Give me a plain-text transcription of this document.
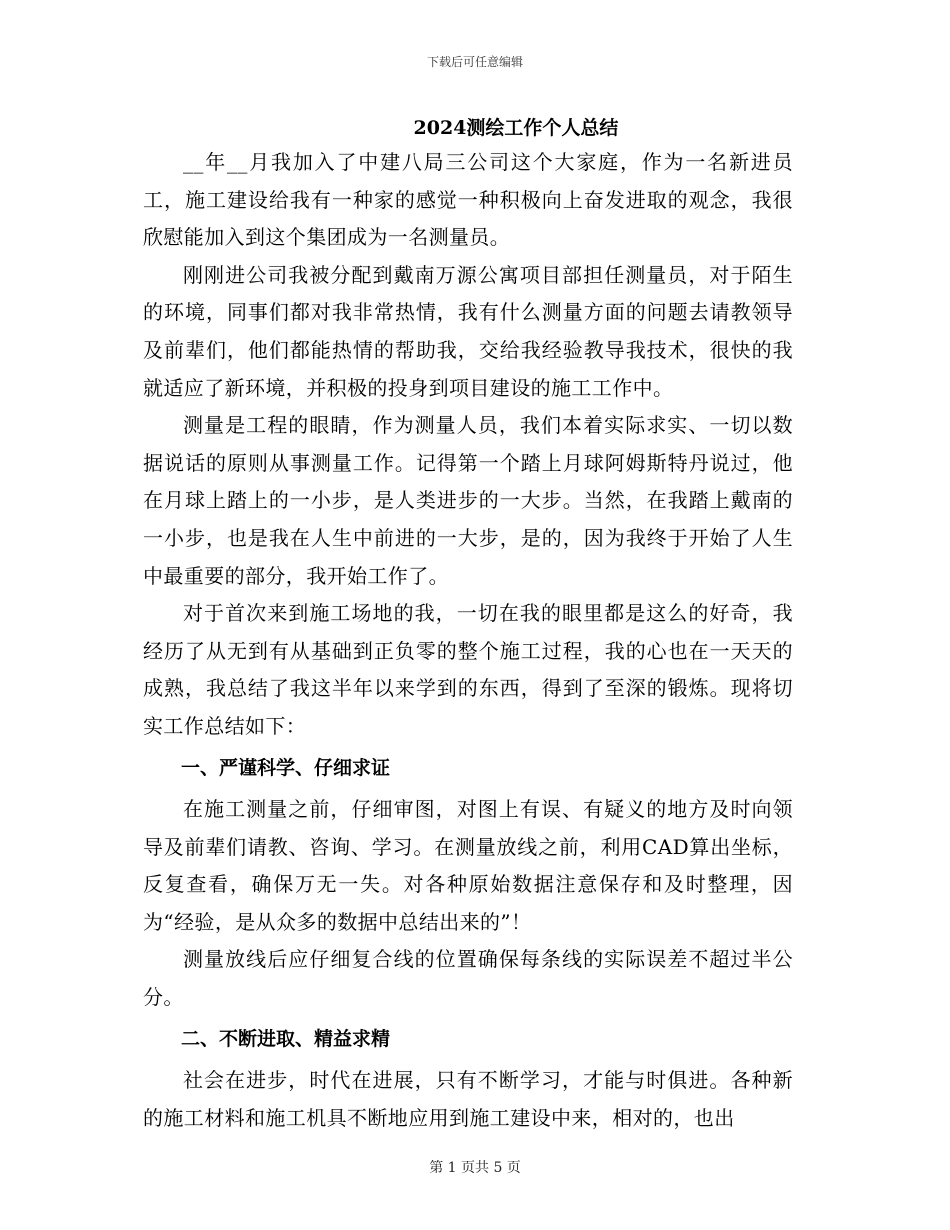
下载后可任意编辑
2024测绘工作个人总结

__年__月我加入了中建八局三公司这个大家庭，作为一名新进员工，施工建设给我有一种家的感觉一种积极向上奋发进取的观念，我很欣慰能加入到这个集团成为一名测量员。

刚刚进公司我被分配到戴南万源公寓项目部担任测量员，对于陌生的环境，同事们都对我非常热情，我有什么测量方面的问题去请教领导及前辈们，他们都能热情的帮助我，交给我经验教导我技术，很快的我就适应了新环境，并积极的投身到项目建设的施工工作中。

测量是工程的眼睛，作为测量人员，我们本着实际求实、一切以数据说话的原则从事测量工作。记得第一个踏上月球阿姆斯特丹说过，他在月球上踏上的一小步，是人类进步的一大步。当然，在我踏上戴南的一小步，也是我在人生中前进的一大步，是的，因为我终于开始了人生中最重要的部分，我开始工作了。

对于首次来到施工场地的我，一切在我的眼里都是这么的好奇，我经历了从无到有从基础到正负零的整个施工过程，我的心也在一天天的成熟，我总结了我这半年以来学到的东西，得到了至深的锻炼。现将切实工作总结如下：

一、严谨科学、仔细求证

在施工测量之前，仔细审图，对图上有误、有疑义的地方及时向领导及前辈们请教、咨询、学习。在测量放线之前，利用CAD算出坐标，反复查看，确保万无一失。对各种原始数据注意保存和及时整理，因为“经验，是从众多的数据中总结出来的”！

测量放线后应仔细复合线的位置确保每条线的实际误差不超过半公分。

二、不断进取、精益求精

社会在进步，时代在进展，只有不断学习，才能与时俱进。各种新的施工材料和施工机具不断地应用到施工建设中来，相对的，也出

第 1 页共 5 页
